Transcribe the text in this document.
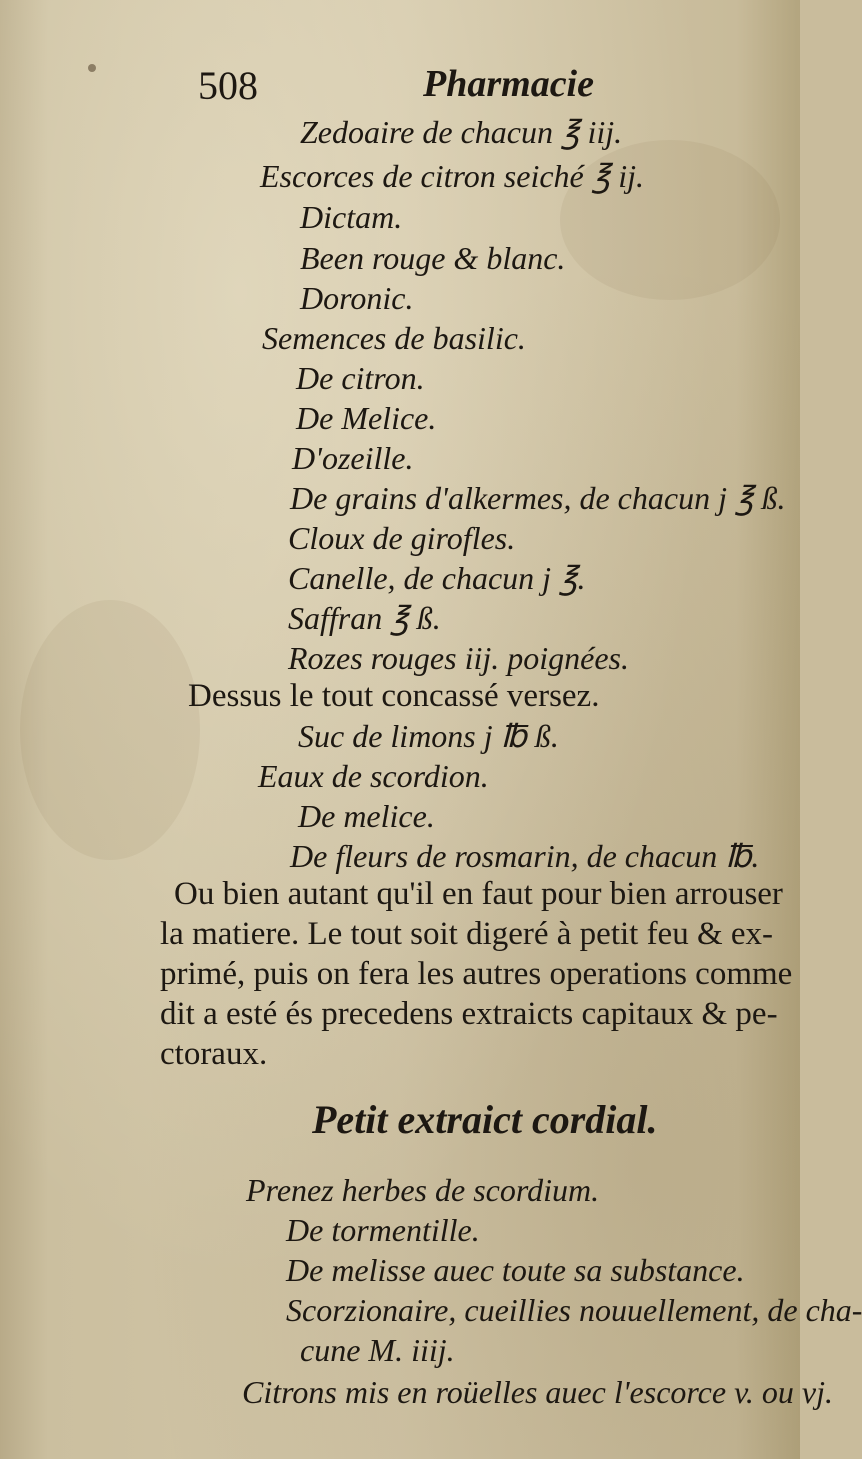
508	Pharmacie
Zedoaire de chacun ℥ iij.
Escorces de citron seiché ℥ ij.
Dictam.
Been rouge & blanc.
Doronic.
Semences de basilic.
De citron.
De Melice.
D'ozeille.
De grains d'alkermes, de chacun j ℥ ß.
Cloux de girofles.
Canelle, de chacun j ℥.
Saffran ℥ ß.
Rozes rouges iij. poignées.
Dessus le tout concassé versez.
Suc de limons j ℔ ß.
Eaux de scordion.
De melice.
De fleurs de rosmarin, de chacun ℔.
Ou bien autant qu'il en faut pour bien arrouser
la matiere. Le tout soit digeré à petit feu & ex-
primé, puis on fera les autres operations comme
dit a esté és precedens extraicts capitaux & pe-
ctoraux.
Petit extraict cordial.
Prenez herbes de scordium.
De tormentille.
De melisse auec toute sa substance.
Scorzionaire, cueillies nouuellement, de cha-
cune M. iiij.
Citrons mis en roüelles auec l'escorce v. ou vj.
